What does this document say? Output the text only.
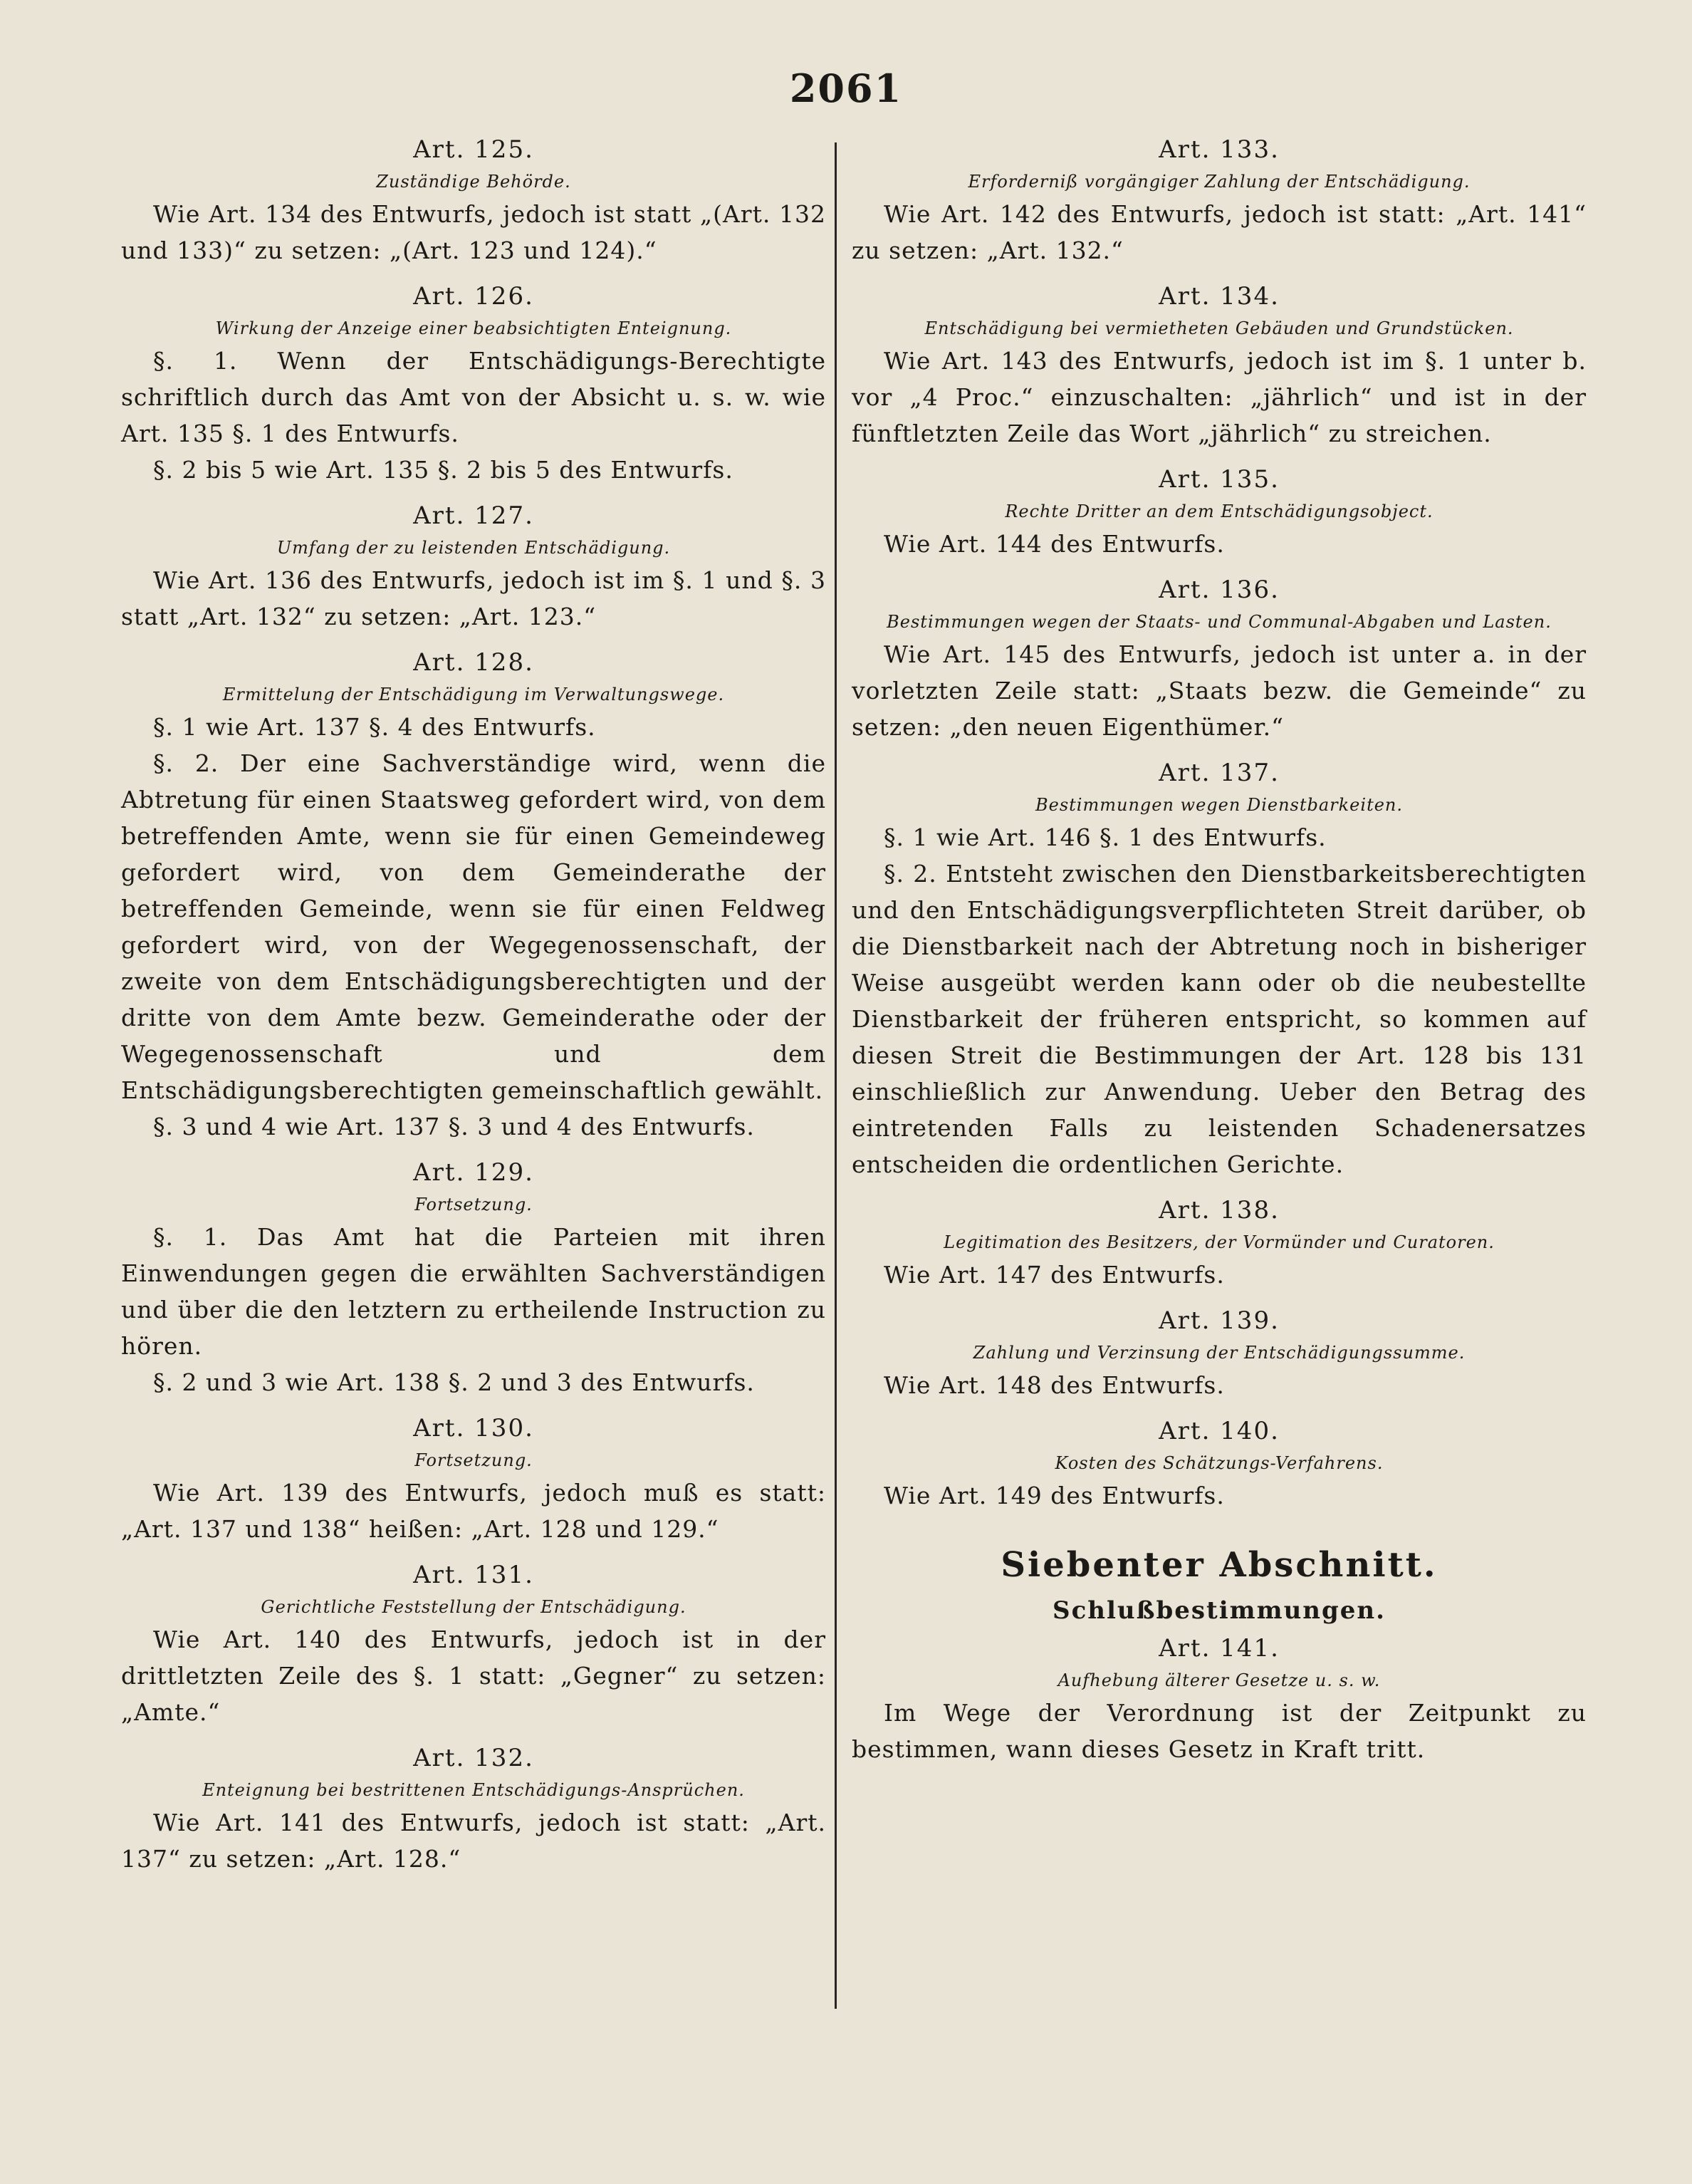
2061
Art. 125.
Zuständige Behörde.
Wie Art. 134 des Entwurfs, jedoch ist statt „(Art. 132 und 133)“ zu setzen: „(Art. 123 und 124).“
Art. 126.
Wirkung der Anzeige einer beabsichtigten Enteignung.
§. 1. Wenn der Entschädigungs-Berechtigte schriftlich durch das Amt von der Absicht u. s. w. wie Art. 135 §. 1 des Entwurfs.
§. 2 bis 5 wie Art. 135 §. 2 bis 5 des Entwurfs.
Art. 127.
Umfang der zu leistenden Entschädigung.
Wie Art. 136 des Entwurfs, jedoch ist im §. 1 und §. 3 statt „Art. 132“ zu setzen: „Art. 123.“
Art. 128.
Ermittelung der Entschädigung im Verwaltungswege.
§. 1 wie Art. 137 §. 4 des Entwurfs.
§. 2. Der eine Sachverständige wird, wenn die Abtretung für einen Staatsweg gefordert wird, von dem betreffenden Amte, wenn sie für einen Gemeindeweg gefordert wird, von dem Gemeinderathe der betreffenden Gemeinde, wenn sie für einen Feldweg gefordert wird, von der Wegegenossenschaft, der zweite von dem Entschädigungsberechtigten und der dritte von dem Amte bezw. Gemeinderathe oder der Wegegenossenschaft und dem Entschädigungsberechtigten gemeinschaftlich gewählt.
§. 3 und 4 wie Art. 137 §. 3 und 4 des Entwurfs.
Art. 129.
Fortsetzung.
§. 1. Das Amt hat die Parteien mit ihren Einwendungen gegen die erwählten Sachverständigen und über die den letztern zu ertheilende Instruction zu hören.
§. 2 und 3 wie Art. 138 §. 2 und 3 des Entwurfs.
Art. 130.
Fortsetzung.
Wie Art. 139 des Entwurfs, jedoch muß es statt: „Art. 137 und 138“ heißen: „Art. 128 und 129.“
Art. 131.
Gerichtliche Feststellung der Entschädigung.
Wie Art. 140 des Entwurfs, jedoch ist in der drittletzten Zeile des §. 1 statt: „Gegner“ zu setzen: „Amte.“
Art. 132.
Enteignung bei bestrittenen Entschädigungs-Ansprüchen.
Wie Art. 141 des Entwurfs, jedoch ist statt: „Art. 137“ zu setzen: „Art. 128.“
Art. 133.
Erforderniß vorgängiger Zahlung der Entschädigung.
Wie Art. 142 des Entwurfs, jedoch ist statt: „Art. 141“ zu setzen: „Art. 132.“
Art. 134.
Entschädigung bei vermietheten Gebäuden und Grundstücken.
Wie Art. 143 des Entwurfs, jedoch ist im §. 1 unter b. vor „4 Proc.“ einzuschalten: „jährlich“ und ist in der fünftletzten Zeile das Wort „jährlich“ zu streichen.
Art. 135.
Rechte Dritter an dem Entschädigungsobject.
Wie Art. 144 des Entwurfs.
Art. 136.
Bestimmungen wegen der Staats- und Communal-Abgaben und Lasten.
Wie Art. 145 des Entwurfs, jedoch ist unter a. in der vorletzten Zeile statt: „Staats bezw. die Gemeinde“ zu setzen: „den neuen Eigenthümer.“
Art. 137.
Bestimmungen wegen Dienstbarkeiten.
§. 1 wie Art. 146 §. 1 des Entwurfs.
§. 2. Entsteht zwischen den Dienstbarkeitsberechtigten und den Entschädigungsverpflichteten Streit darüber, ob die Dienstbarkeit nach der Abtretung noch in bisheriger Weise ausgeübt werden kann oder ob die neubestellte Dienstbarkeit der früheren entspricht, so kommen auf diesen Streit die Bestimmungen der Art. 128 bis 131 einschließlich zur Anwendung. Ueber den Betrag des eintretenden Falls zu leistenden Schadenersatzes entscheiden die ordentlichen Gerichte.
Art. 138.
Legitimation des Besitzers, der Vormünder und Curatoren.
Wie Art. 147 des Entwurfs.
Art. 139.
Zahlung und Verzinsung der Entschädigungssumme.
Wie Art. 148 des Entwurfs.
Art. 140.
Kosten des Schätzungs-Verfahrens.
Wie Art. 149 des Entwurfs.
Siebenter Abschnitt.
Schlußbestimmungen.
Art. 141.
Aufhebung älterer Gesetze u. s. w.
Im Wege der Verordnung ist der Zeitpunkt zu bestimmen, wann dieses Gesetz in Kraft tritt.
